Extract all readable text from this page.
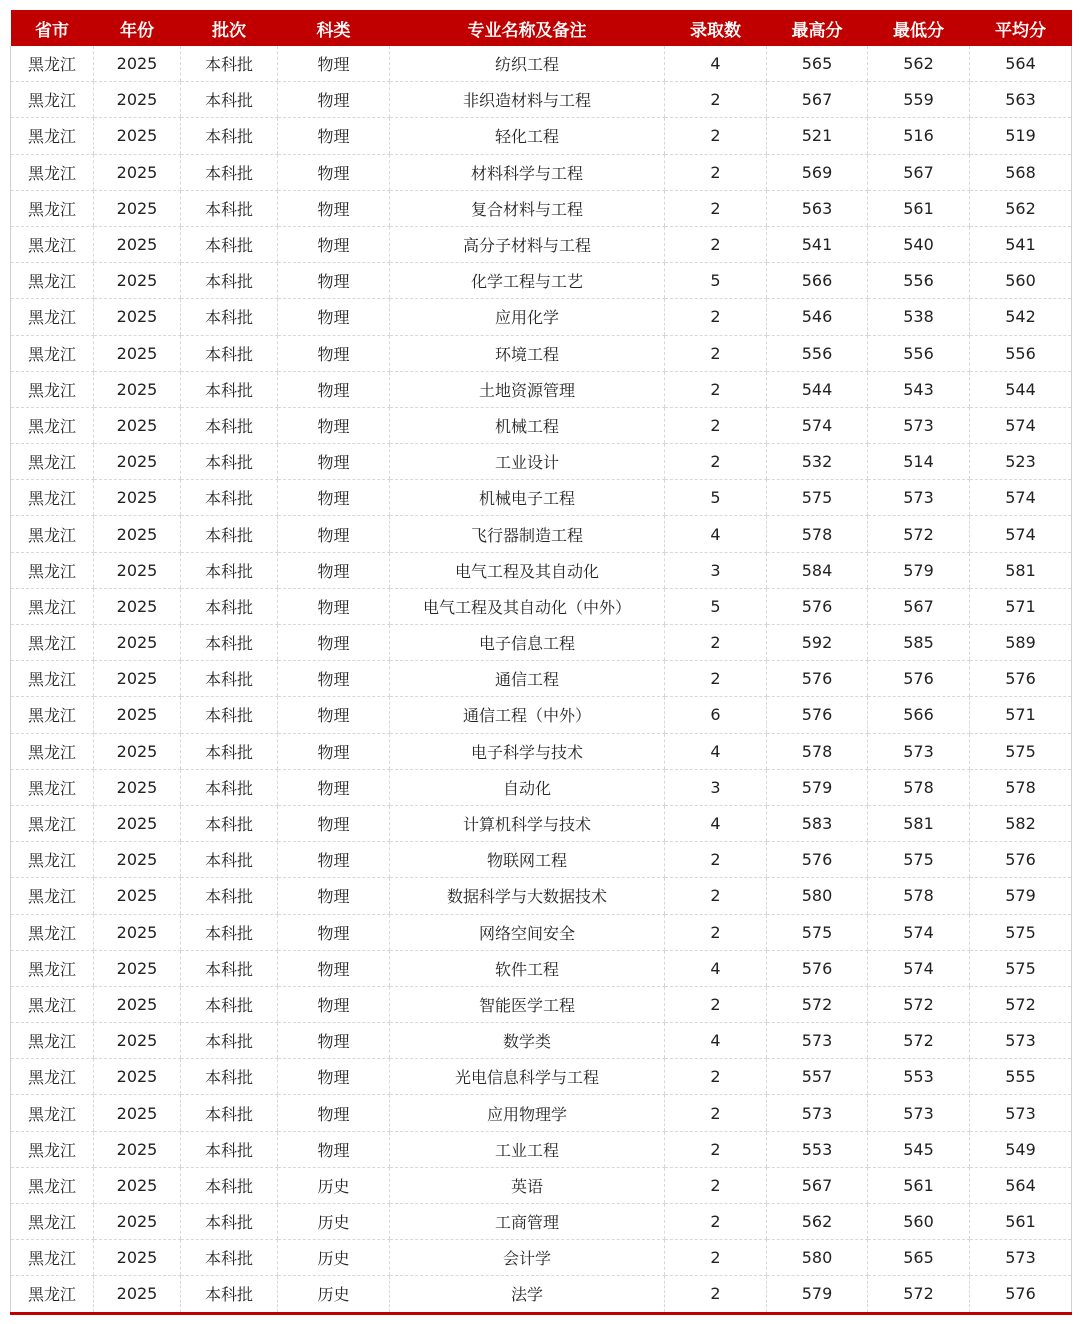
省市	年份	批次	科类	专业名称及备注	录取数	最高分	最低分	平均分
黑龙江	2025	本科批	物理	纺织工程	4	565	562	564
黑龙江	2025	本科批	物理	非织造材料与工程	2	567	559	563
黑龙江	2025	本科批	物理	轻化工程	2	521	516	519
黑龙江	2025	本科批	物理	材料科学与工程	2	569	567	568
黑龙江	2025	本科批	物理	复合材料与工程	2	563	561	562
黑龙江	2025	本科批	物理	高分子材料与工程	2	541	540	541
黑龙江	2025	本科批	物理	化学工程与工艺	5	566	556	560
黑龙江	2025	本科批	物理	应用化学	2	546	538	542
黑龙江	2025	本科批	物理	环境工程	2	556	556	556
黑龙江	2025	本科批	物理	土地资源管理	2	544	543	544
黑龙江	2025	本科批	物理	机械工程	2	574	573	574
黑龙江	2025	本科批	物理	工业设计	2	532	514	523
黑龙江	2025	本科批	物理	机械电子工程	5	575	573	574
黑龙江	2025	本科批	物理	飞行器制造工程	4	578	572	574
黑龙江	2025	本科批	物理	电气工程及其自动化	3	584	579	581
黑龙江	2025	本科批	物理	电气工程及其自动化（中外）	5	576	567	571
黑龙江	2025	本科批	物理	电子信息工程	2	592	585	589
黑龙江	2025	本科批	物理	通信工程	2	576	576	576
黑龙江	2025	本科批	物理	通信工程（中外）	6	576	566	571
黑龙江	2025	本科批	物理	电子科学与技术	4	578	573	575
黑龙江	2025	本科批	物理	自动化	3	579	578	578
黑龙江	2025	本科批	物理	计算机科学与技术	4	583	581	582
黑龙江	2025	本科批	物理	物联网工程	2	576	575	576
黑龙江	2025	本科批	物理	数据科学与大数据技术	2	580	578	579
黑龙江	2025	本科批	物理	网络空间安全	2	575	574	575
黑龙江	2025	本科批	物理	软件工程	4	576	574	575
黑龙江	2025	本科批	物理	智能医学工程	2	572	572	572
黑龙江	2025	本科批	物理	数学类	4	573	572	573
黑龙江	2025	本科批	物理	光电信息科学与工程	2	557	553	555
黑龙江	2025	本科批	物理	应用物理学	2	573	573	573
黑龙江	2025	本科批	物理	工业工程	2	553	545	549
黑龙江	2025	本科批	历史	英语	2	567	561	564
黑龙江	2025	本科批	历史	工商管理	2	562	560	561
黑龙江	2025	本科批	历史	会计学	2	580	565	573
黑龙江	2025	本科批	历史	法学	2	579	572	576
